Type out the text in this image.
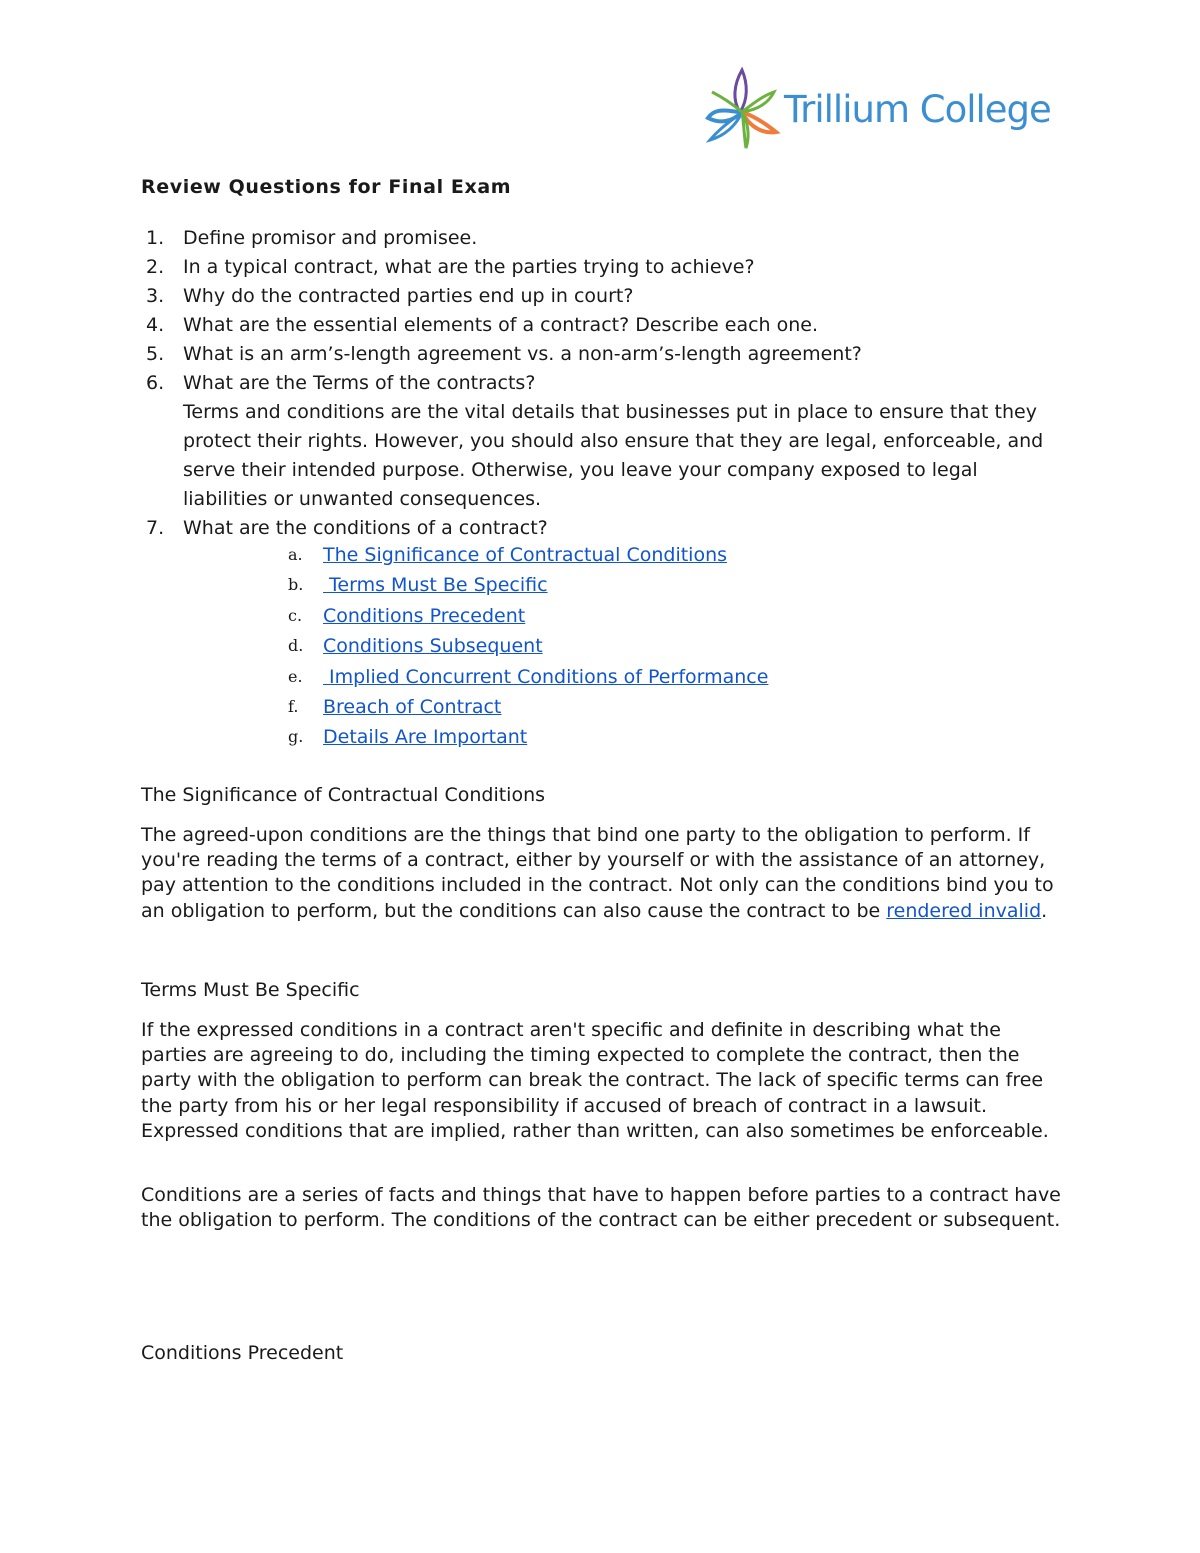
Trillium College
Review Questions for Final Exam
1. Define promisor and promisee.
2. In a typical contract, what are the parties trying to achieve?
3. Why do the contracted parties end up in court?
4. What are the essential elements of a contract? Describe each one.
5. What is an arm’s-length agreement vs. a non-arm’s-length agreement?
6. What are the Terms of the contracts?
Terms and conditions are the vital details that businesses put in place to ensure that they protect their rights. However, you should also ensure that they are legal, enforceable, and serve their intended purpose. Otherwise, you leave your company exposed to legal liabilities or unwanted consequences.
7. What are the conditions of a contract?
a. The Significance of Contractual Conditions
b. Terms Must Be Specific
c. Conditions Precedent
d. Conditions Subsequent
e. Implied Concurrent Conditions of Performance
f. Breach of Contract
g. Details Are Important
The Significance of Contractual Conditions
The agreed-upon conditions are the things that bind one party to the obligation to perform. If you're reading the terms of a contract, either by yourself or with the assistance of an attorney, pay attention to the conditions included in the contract. Not only can the conditions bind you to an obligation to perform, but the conditions can also cause the contract to be rendered invalid.
Terms Must Be Specific
If the expressed conditions in a contract aren't specific and definite in describing what the parties are agreeing to do, including the timing expected to complete the contract, then the party with the obligation to perform can break the contract. The lack of specific terms can free the party from his or her legal responsibility if accused of breach of contract in a lawsuit. Expressed conditions that are implied, rather than written, can also sometimes be enforceable.
Conditions are a series of facts and things that have to happen before parties to a contract have the obligation to perform. The conditions of the contract can be either precedent or subsequent.
Conditions Precedent
